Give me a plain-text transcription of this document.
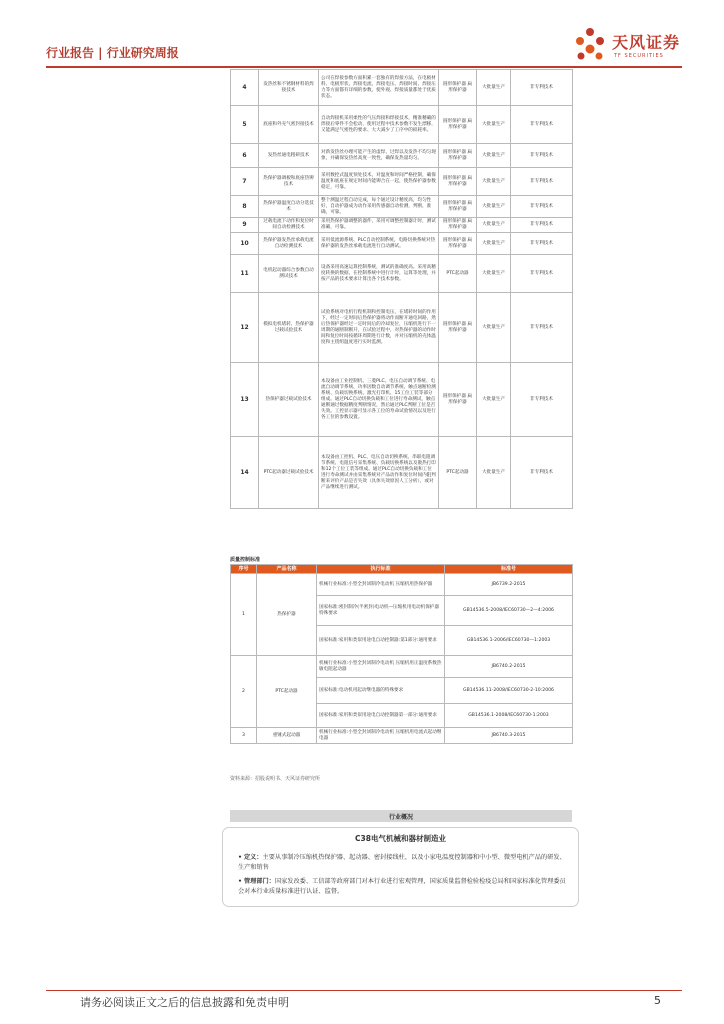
行业报告 | 行业研究周报
天风证券
TF SECURITIES
4	发热丝和不锈钢材料的焊接技术	公司在焊接参数方面积累一套独有的焊接方法，在电极材料、电极形状、焊接电流、焊接电压、焊接时间、焊接压力等方面都有详细的参数，使外观、焊接质量都处于优质状态。	圆形保护器 扁形保护器	大批量生产	非专利技术
5	底座和外壳气密封接技术	自动焊接机采用柔性的气压焊接和焊接技术，精准精确的焊接后零件不会松动、使用过程中技术参数不发生漂移，又能满足气密性的要求、大大减少了工序中的损耗率。	圆形保护器 扁形保护器	大批量生产	非专利技术
6	发热丝通电粗研技术	对新发热丝办理可能产生的虚焊、过焊以及发热不均匀现象，并确保发热丝高度一致性，确保发热量均匀。	圆形保护器 扁形保护器	大批量生产	非专利技术
7	热保护器调板和底座热铆技术	采用数控式温度预处技术，对温度和时间严格控制，确保温度和底座在规定时间内能铆合在一起，使热保护器参数稳定，可靠。	圆形保护器 扁形保护器	大批量生产	非专利技术
8	热保护器温度自动分选技术	整个测温过程自动完成，每个通过设计精度高，均匀性好，自动护器成为动作采用传感器自动检测，判断，准确，可靠。	圆形保护器 扁形保护器	大批量生产	非专利技术
9	过载电流下动作和复位时间自动检测技术	采用热保护器调整的器件，采用可调整控制器计时，测试准确，可靠。	圆形保护器 扁形保护器	大批量生产	非专利技术
10	热保护器发热丝承载电流自动检测技术	采用低流源系统、PLC自动控制系统，电路切换系统对热保护器的发热丝承载电流进行自动测试。	圆形保护器 扁形保护器	大批量生产	非专利技术
11	电机起动器综合参数自动测试技术	设备采用高速运算控制系统，测试的准确度高。采用高精度转换的数据，在控制系统中进行计时，运算等处理，并按产品的技术要求计算出各个技术参数。	PTC起动器	大批量生产	非专利技术
12	模拟电机堵转、热保护器过载试验技术	试验系统对电机行程机制和控制电压，在堵转时间的作用下，经过一定时间后热保护器将动作而断开通电回路，然后热保护器经过一定时间后的冷却复位，压缩机进行下一周期的通断制断开，在试验过程中，对热保护器的动作时间和复位时间按循环周期进行计数，并对压缩机的壳体温度和主绕组温度进行实时监测。	圆形保护器 扁形保护器	大批量生产	非专利技术
13	热保护器过载试验技术	本设备由工业控制机、三菱PLC、电压自动调节系统、电流自动调节系统、功率因数自动调节系统、触点通断检测系统、负载切换系统、激光打印机、15工位工装等部分组成。通过PLC自动切换负载和工位进行寿命测试，触点通断通过数据精度判断情况，然后通过PLC判断工位是否失效。工控显示器可显示各工位的寿命试验情况以及进行各工位的参数设置。	圆形保护器 扁形保护器	大批量生产	非专利技术
14	PTC起动器过载试验技术	本设备由工控机、PLC、电压自动切换系统、串联电阻调节系统、电阻信号采集系统、负载切换系统以及散热打印和12个工位工装等组成。通过PLC自动切换负载和工位进行寿命测试并由采集系统对产品动作和复位时间内阻判断来评价产品是否失效（具体失效原因人工分析），或对产品继续进行测试。	PTC起动器	大批量生产	非专利技术
质量控制标准
序号	产品名称	执行标准	标准号
1	热保护器	机械行业标准:小型全封闭制冷电动机 压缩机用热保护器	JB6739.2-2015
		国家标准:密封制冷(半密封)电动机—压缩机用电动机保护器特殊要求	GB14536.5-2008/IEC60730—2—4:2006
		国家标准:家用和类似用途电自动控制器:第1部分:通用要求	GB14536.1-2006/IEC60730—1:2003
2	PTC起动器	机械行业标准:小型全封闭制冷电动机 压缩机用正温度系数热敏电阻起动器	JB6740.2-2015
		国家标准:电动机用起动继电器的特殊要求	GB14536.11-2008/IEC60730-2-10:2006
		国家标准:家用和类似用途电自动控制器第一部分:通用要求	GB14536.1-2008/IEC60730-1:2003
3	重锤式起动器	机械行业标准:小型全封闭制冷电动机 压缩机用电流式起动继电器	JB6740.3-2015
资料来源：招股说明书、天风证券研究所
行业概况
C38电气机械和器材制造业
• 定义：主要从事制冷压缩机热保护器、起动器、密封接线柱，以及小家电温度控制器和中小型、微型电机产品的研发、生产和销售
• 管理部门：国家发改委、工信部等政府部门对本行业进行宏观管理，国家质量监督检验检疫总局和国家标准化管理委员会对本行业质量标准进行认证、监督。
请务必阅读正文之后的信息披露和免责申明	5
